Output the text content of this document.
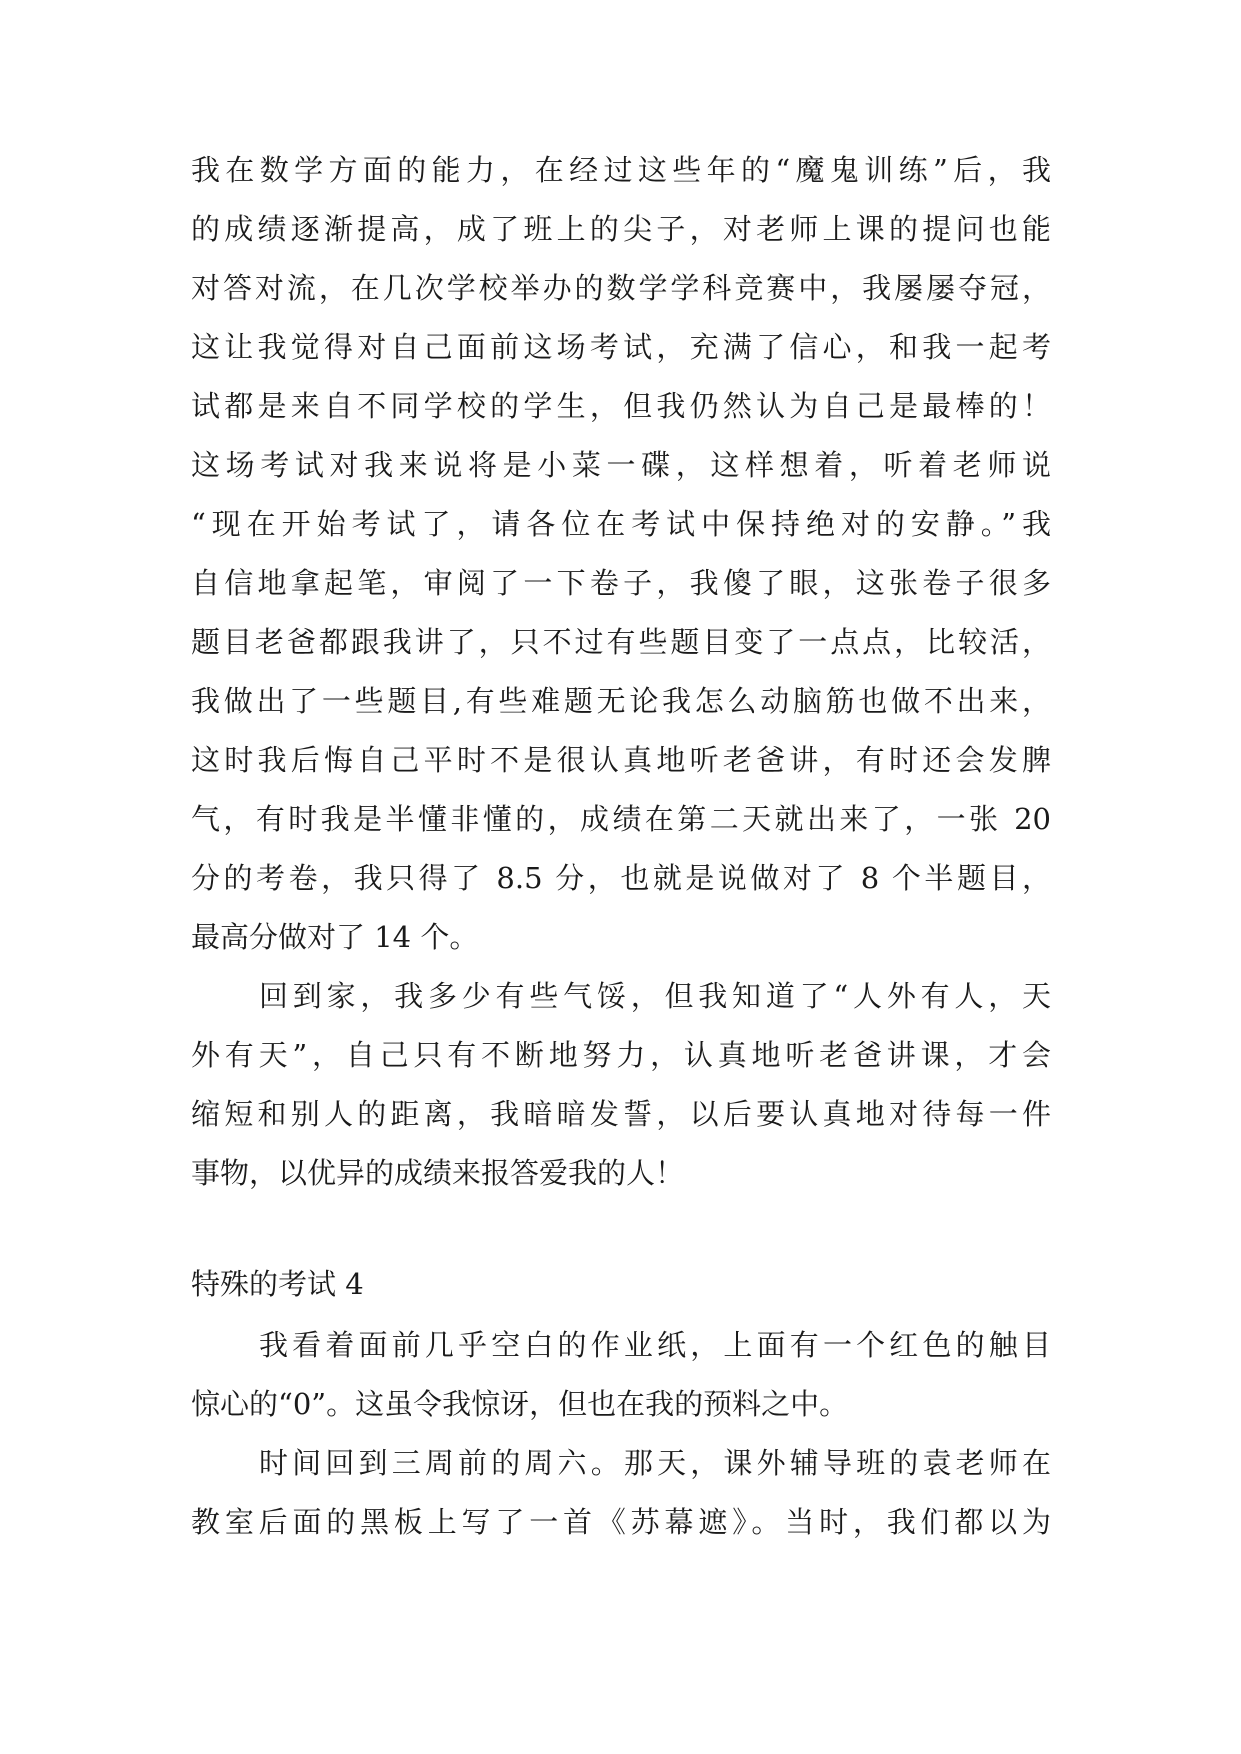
我在数学方面的能力，在经过这些年的“魔鬼训练”后，我
的成绩逐渐提高，成了班上的尖子，对老师上课的提问也能
对答对流，在几次学校举办的数学学科竞赛中，我屡屡夺冠，
这让我觉得对自己面前这场考试，充满了信心，和我一起考
试都是来自不同学校的学生，但我仍然认为自己是最棒的！
这场考试对我来说将是小菜一碟，这样想着，听着老师说
“现在开始考试了，请各位在考试中保持绝对的安静。”我
自信地拿起笔，审阅了一下卷子，我傻了眼，这张卷子很多
题目老爸都跟我讲了，只不过有些题目变了一点点，比较活，
我做出了一些题目,有些难题无论我怎么动脑筋也做不出来，
这时我后悔自己平时不是很认真地听老爸讲，有时还会发脾
气，有时我是半懂非懂的，成绩在第二天就出来了，一张 20
分的考卷，我只得了 8.5 分，也就是说做对了 8 个半题目，
最高分做对了 14 个。
回到家，我多少有些气馁，但我知道了“人外有人，天
外有天”，自己只有不断地努力，认真地听老爸讲课，才会
缩短和别人的距离，我暗暗发誓，以后要认真地对待每一件
事物，以优异的成绩来报答爱我的人！
特殊的考试 4
我看着面前几乎空白的作业纸，上面有一个红色的触目
惊心的“0”。这虽令我惊讶，但也在我的预料之中。
时间回到三周前的周六。那天，课外辅导班的袁老师在
教室后面的黑板上写了一首《苏幕遮》。当时，我们都以为
